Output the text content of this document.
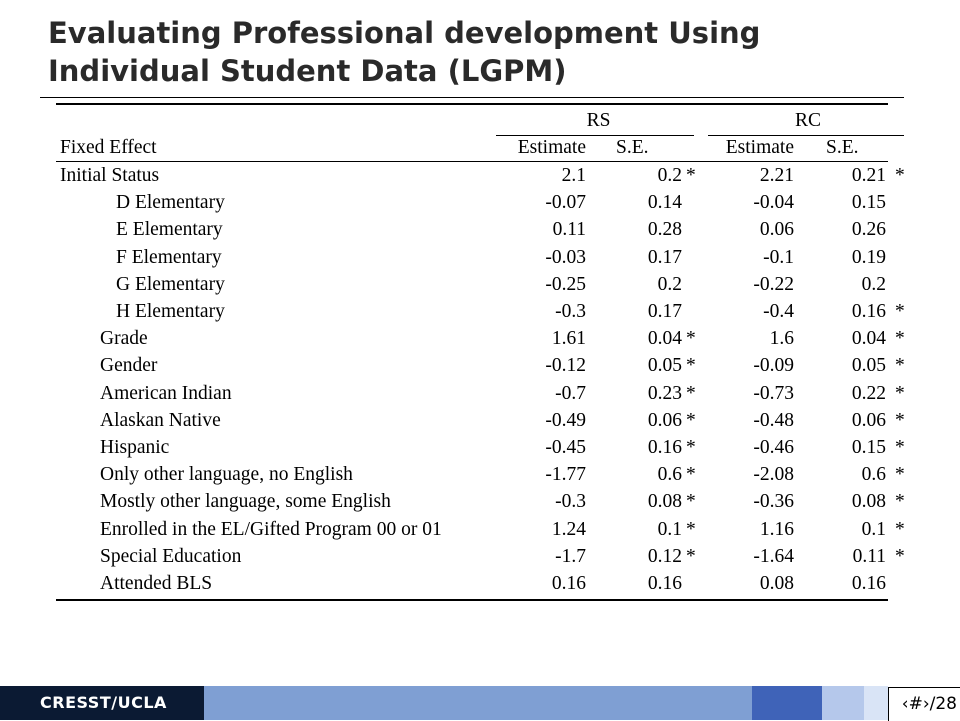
Evaluating Professional development Using Individual Student Data (LGPM)
RS	RC
Fixed Effect	Estimate S.E.	Estimate S.E.
Initial Status	2.1	0.2 *	2.21	0.21 *
D Elementary	-0.07	0.14	-0.04	0.15
E Elementary	0.11	0.28	0.06	0.26
F Elementary	-0.03	0.17	-0.1	0.19
G Elementary	-0.25	0.2	-0.22	0.2
H Elementary	-0.3	0.17	-0.4	0.16 *
Grade	1.61	0.04 *	1.6	0.04 *
Gender	-0.12	0.05 *	-0.09	0.05 *
American Indian	-0.7	0.23 *	-0.73	0.22 *
Alaskan Native	-0.49	0.06 *	-0.48	0.06 *
Hispanic	-0.45	0.16 *	-0.46	0.15 *
Only other language, no English	-1.77	0.6 *	-2.08	0.6 *
Mostly other language, some English	-0.3	0.08 *	-0.36	0.08 *
Enrolled in the EL/Gifted Program 00 or 01	1.24	0.1 *	1.16	0.1 *
Special Education	-1.7	0.12 *	-1.64	0.11 *
Attended BLS	0.16	0.16	0.08	0.16
CRESST/UCLA	‹#›/28
